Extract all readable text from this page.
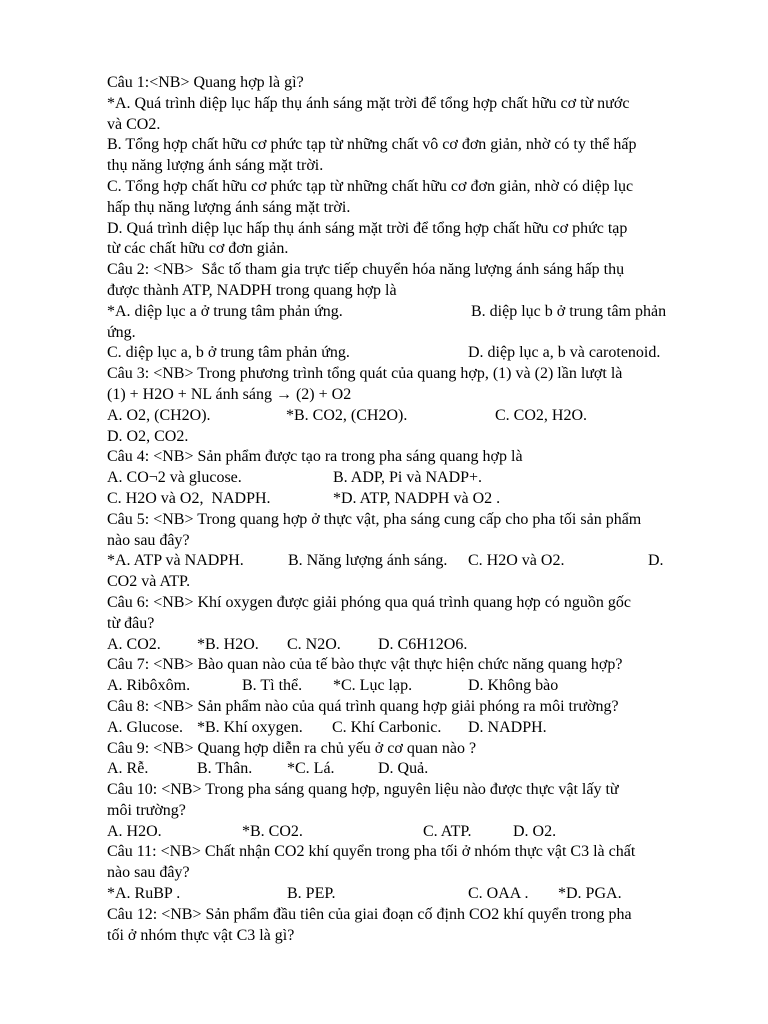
Câu 1:<NB> Quang hợp là gì?
*A. Quá trình diệp lục hấp thụ ánh sáng mặt trời để tổng hợp chất hữu cơ từ nước
và CO2.
B. Tổng hợp chất hữu cơ phức tạp từ những chất vô cơ đơn giản, nhờ có ty thể hấp
thụ năng lượng ánh sáng mặt trời.
C. Tổng hợp chất hữu cơ phức tạp từ những chất hữu cơ đơn giản, nhờ có diệp lục
hấp thụ năng lượng ánh sáng mặt trời.
D. Quá trình diệp lục hấp thụ ánh sáng mặt trời để tổng hợp chất hữu cơ phức tạp
từ các chất hữu cơ đơn giản.
Câu 2: <NB>  Sắc tố tham gia trực tiếp chuyển hóa năng lượng ánh sáng hấp thụ
được thành ATP, NADPH trong quang hợp là
*A. diệp lục a ở trung tâm phản ứng.	B. diệp lục b ở trung tâm phản
ứng.
C. diệp lục a, b ở trung tâm phản ứng.	D. diệp lục a, b và carotenoid.
Câu 3: <NB> Trong phương trình tổng quát của quang hợp, (1) và (2) lần lượt là
(1) + H2O + NL ánh sáng → (2) + O2
A. O2, (CH2O).	*B. CO2, (CH2O).	C. CO2, H2O.
D. O2, CO2.
Câu 4: <NB> Sản phẩm được tạo ra trong pha sáng quang hợp là
A. CO¬2 và glucose.	B. ADP, Pi và NADP+.
C. H2O và O2,  NADPH.	*D. ATP, NADPH và O2 .
Câu 5: <NB> Trong quang hợp ở thực vật, pha sáng cung cấp cho pha tối sản phẩm
nào sau đây?
*A. ATP và NADPH.	B. Năng lượng ánh sáng. C. H2O và O2.	D.
CO2 và ATP.
Câu 6: <NB> Khí oxygen được giải phóng qua quá trình quang hợp có nguồn gốc
từ đâu?
A. CO2. *B. H2O. C. N2O. D. C6H12O6.
Câu 7: <NB> Bào quan nào của tế bào thực vật thực hiện chức năng quang hợp?
A. Ribôxôm.	B. Tì thể. *C. Lục lạp.	D. Không bào
Câu 8: <NB> Sản phẩm nào của quá trình quang hợp giải phóng ra môi trường?
A. Glucose. *B. Khí oxygen. C. Khí Carbonic. D. NADPH.
Câu 9: <NB> Quang hợp diễn ra chủ yếu ở cơ quan nào ?
A. Rễ.	B. Thân. *C. Lá.	D. Quả.
Câu 10: <NB> Trong pha sáng quang hợp, nguyên liệu nào được thực vật lấy từ
môi trường?
A. H2O.	*B. CO2.	C. ATP.	D. O2.
Câu 11: <NB> Chất nhận CO2 khí quyển trong pha tối ở nhóm thực vật C3 là chất
nào sau đây?
*A. RuBP .	B. PEP.	C. OAA . *D. PGA.
Câu 12: <NB> Sản phẩm đầu tiên của giai đoạn cố định CO2 khí quyển trong pha
tối ở nhóm thực vật C3 là gì?
